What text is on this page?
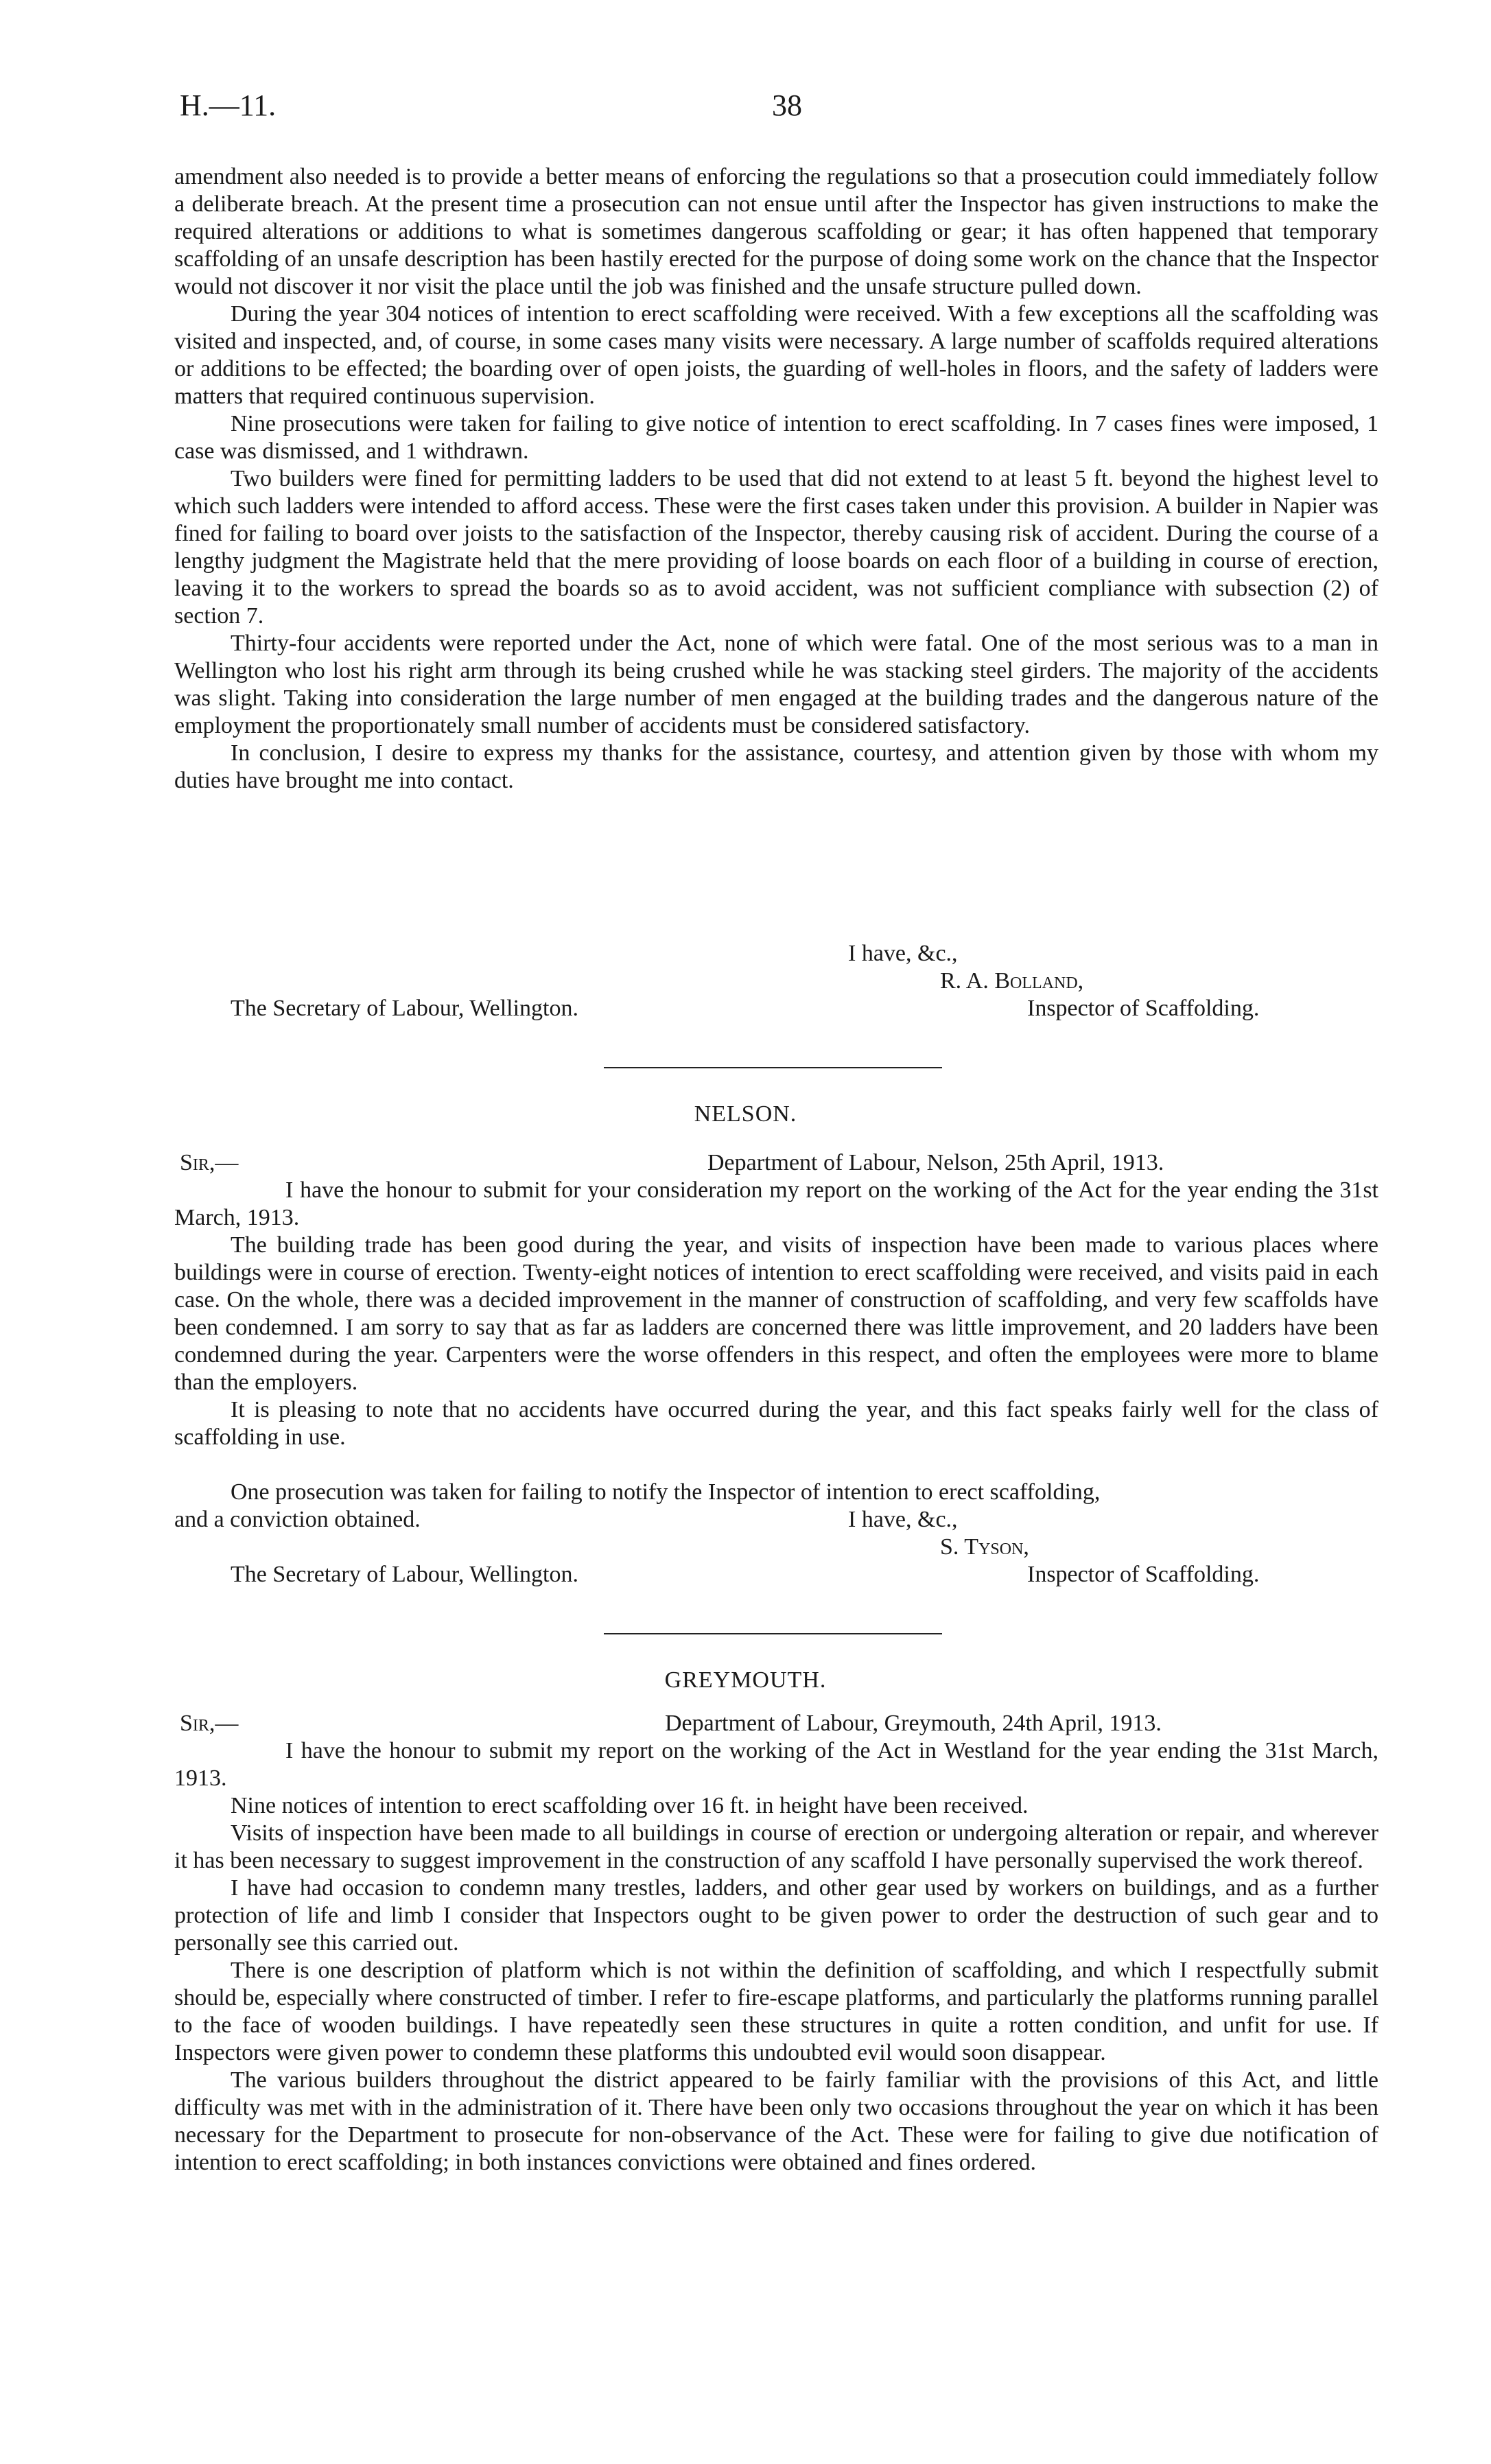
H.—11.	38

amendment also needed is to provide a better means of enforcing the regulations so that a prosecution could immediately follow a deliberate breach. At the present time a prosecution can not ensue until after the Inspector has given instructions to make the required alterations or additions to what is sometimes dangerous scaffolding or gear; it has often happened that temporary scaffolding of an unsafe description has been hastily erected for the purpose of doing some work on the chance that the Inspector would not discover it nor visit the place until the job was finished and the unsafe structure pulled down.

During the year 304 notices of intention to erect scaffolding were received. With a few exceptions all the scaffolding was visited and inspected, and, of course, in some cases many visits were necessary. A large number of scaffolds required alterations or additions to be effected; the boarding over of open joists, the guarding of well-holes in floors, and the safety of ladders were matters that required continuous supervision.

Nine prosecutions were taken for failing to give notice of intention to erect scaffolding. In 7 cases fines were imposed, 1 case was dismissed, and 1 withdrawn.

Two builders were fined for permitting ladders to be used that did not extend to at least 5 ft. beyond the highest level to which such ladders were intended to afford access. These were the first cases taken under this provision. A builder in Napier was fined for failing to board over joists to the satisfaction of the Inspector, thereby causing risk of accident. During the course of a lengthy judgment the Magistrate held that the mere providing of loose boards on each floor of a building in course of erection, leaving it to the workers to spread the boards so as to avoid accident, was not sufficient compliance with subsection (2) of section 7.

Thirty-four accidents were reported under the Act, none of which were fatal. One of the most serious was to a man in Wellington who lost his right arm through its being crushed while he was stacking steel girders. The majority of the accidents was slight. Taking into consideration the large number of men engaged at the building trades and the dangerous nature of the employment the proportionately small number of accidents must be considered satisfactory.

In conclusion, I desire to express my thanks for the assistance, courtesy, and attention given by those with whom my duties have brought me into contact.

I have, &c.,
R. A. Bolland,
The Secretary of Labour, Wellington.	Inspector of Scaffolding.
NELSON.
Sir,—	Department of Labour, Nelson, 25th April, 1913.

I have the honour to submit for your consideration my report on the working of the Act for the year ending the 31st March, 1913.

The building trade has been good during the year, and visits of inspection have been made to various places where buildings were in course of erection. Twenty-eight notices of intention to erect scaffolding were received, and visits paid in each case. On the whole, there was a decided improvement in the manner of construction of scaffolding, and very few scaffolds have been condemned. I am sorry to say that as far as ladders are concerned there was little improvement, and 20 ladders have been condemned during the year. Carpenters were the worse offenders in this respect, and often the employees were more to blame than the employers.

It is pleasing to note that no accidents have occurred during the year, and this fact speaks fairly well for the class of scaffolding in use.

One prosecution was taken for failing to notify the Inspector of intention to erect scaffolding,
and a conviction obtained.	I have, &c.,
S. Tyson,
The Secretary of Labour, Wellington.	Inspector of Scaffolding.
GREYMOUTH.
Sir,—	Department of Labour, Greymouth, 24th April, 1913.

I have the honour to submit my report on the working of the Act in Westland for the year ending the 31st March, 1913.

Nine notices of intention to erect scaffolding over 16 ft. in height have been received.

Visits of inspection have been made to all buildings in course of erection or undergoing alteration or repair, and wherever it has been necessary to suggest improvement in the construction of any scaffold I have personally supervised the work thereof.

I have had occasion to condemn many trestles, ladders, and other gear used by workers on buildings, and as a further protection of life and limb I consider that Inspectors ought to be given power to order the destruction of such gear and to personally see this carried out.

There is one description of platform which is not within the definition of scaffolding, and which I respectfully submit should be, especially where constructed of timber. I refer to fire-escape platforms, and particularly the platforms running parallel to the face of wooden buildings. I have repeatedly seen these structures in quite a rotten condition, and unfit for use. If Inspectors were given power to condemn these platforms this undoubted evil would soon disappear.

The various builders throughout the district appeared to be fairly familiar with the provisions of this Act, and little difficulty was met with in the administration of it. There have been only two occasions throughout the year on which it has been necessary for the Department to prosecute for non-observance of the Act. These were for failing to give due notification of intention to erect scaffolding; in both instances convictions were obtained and fines ordered.
